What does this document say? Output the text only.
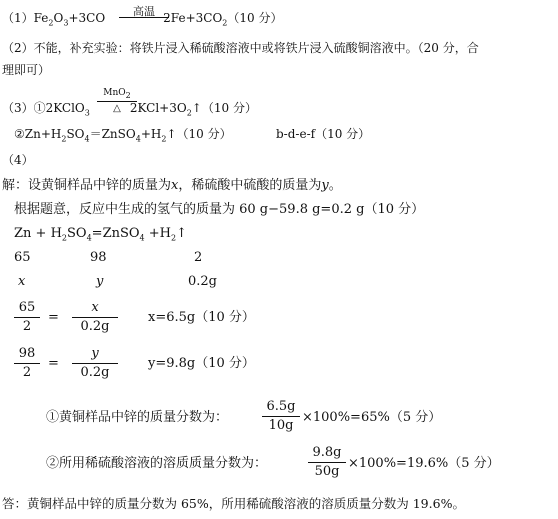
$(1)Fe_2O_3+3CO$	$2Fe+3CO_2(10$ 分）
高温
（2）不能，补充实验：将铁片浸入稀硫酸溶液中或将铁片浸入硫酸铜溶液中。（20 分，合
理即可）
（3）①2KClO$_3$	$2KCl+3O_2↑(10$ 分）
MnO$_2$
△
$②Zn+H_2SO_4=ZnSO_4+H_2↑(10$ 分）	b-d-e-f（10 分）
（4）
解：设黄铜样品中锌的质量为x，稀硫酸中硫酸的质量为y。
根据题意，反应中生成的氢气的质量为 60 g−59.8 g=0.2 g（10 分）
$Zn + H_2SO_4=ZnSO_4$ $+H_2↑$
65	98	2
x	y	0.2g
65
2
=
x
0.2g
x=6.5g（10 分）
98
2
=
y
0.2g
y=9.8g（10 分）
①黄铜样品中锌的质量分数为：
6.5g
10g
×100%=65%（5 分）
②所用稀硫酸溶液的溶质质量分数为：
9.8g
50g
×100%=19.6%（5 分）
答：黄铜样品中锌的质量分数为 65%，所用稀硫酸溶液的溶质质量分数为 19.6%。
